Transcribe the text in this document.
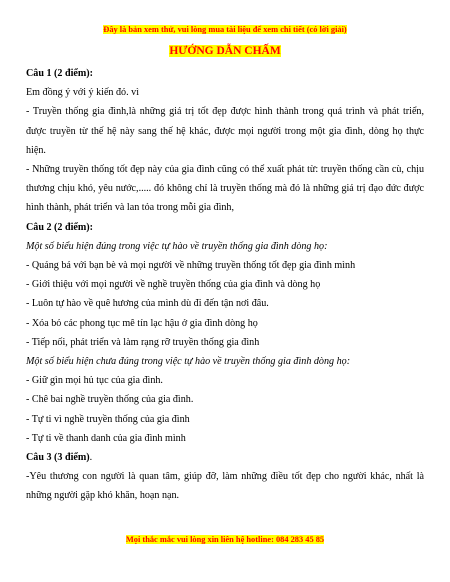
Đây là bản xem thử, vui lòng mua tài liệu để xem chi tiết (có lời giải)
HƯỚNG DẪN CHẤM

Câu 1 (2 điểm):

Em đồng ý với ý kiến đó. vì

- Truyền thống gia đình,là những giá trị tốt đẹp được hình thành trong quá trình và phát triển, được truyền từ thế hệ này sang thế hệ khác, được mọi người trong một gia đình, dòng họ thực hiện.

- Những truyền thống tốt đẹp này của gia đình cũng có thể xuất phát từ: truyền thống cần cù, chịu thương chịu khó, yêu nước,..... đó không chỉ là truyền thống mà đó là những giá trị đạo đức được hình thành, phát triển và lan tỏa trong mỗi gia đình,

Câu 2 (2 điểm):

Một số biểu hiện đúng trong việc tự hào về truyền thống gia đình dòng họ:

- Quảng bá với bạn bè và mọi người về những truyền thống tốt đẹp gia đình mình

- Giới thiệu với mọi người về nghề truyền thống của gia đình và dòng họ

- Luôn tự hào về quê hương của mình dù đi đến tận nơi đâu.

- Xóa bỏ các phong tục mê tín lạc hậu ở gia đình dòng họ

- Tiếp nối, phát triển và làm rạng rỡ truyền thống gia đình

Một số biểu hiện chưa đúng trong việc tự hào về truyền thống gia đình dòng họ:

- Giữ gìn mọi hủ tục của gia đình.

- Chê bai nghề truyền thống của gia đình.

- Tự ti vì nghề truyền thống của gia đình

- Tự ti về thanh danh của gia đình mình

Câu 3 (3 điểm).

-Yêu thương con người là quan tâm, giúp đỡ, làm những điều tốt đẹp cho người khác, nhất là những người gặp khó khăn, hoạn nạn.

Mọi thắc mắc vui lòng xin liên hệ hotline: 084 283 45 85
